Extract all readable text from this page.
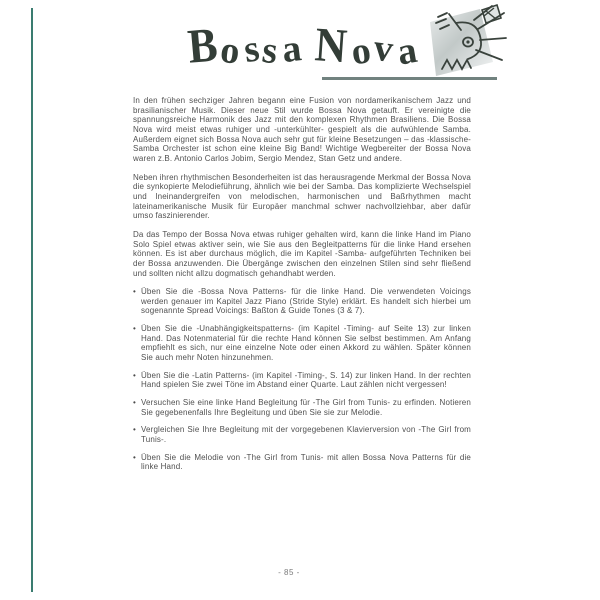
Bossa Nova

In den frühen sechziger Jahren begann eine Fusion von nordamerikanischem Jazz und brasilianischer Musik. Dieser neue Stil wurde Bossa Nova getauft. Er vereinigte die spannungsreiche Harmonik des Jazz mit den komplexen Rhythmen Brasiliens. Die Bossa Nova wird meist etwas ruhiger und -unterkühlter- gespielt als die aufwühlende Samba. Außerdem eignet sich Bossa Nova auch sehr gut für kleine Besetzungen – das -klassische- Samba Orchester ist schon eine kleine Big Band! Wichtige Wegbereiter der Bossa Nova waren z.B. Antonio Carlos Jobim, Sergio Mendez, Stan Getz und andere.

Neben ihren rhythmischen Besonderheiten ist das herausragende Merkmal der Bossa Nova die synkopierte Melodieführung, ähnlich wie bei der Samba. Das komplizierte Wechselspiel und Ineinandergreifen von melodischen, harmonischen und Baßrhythmen macht lateinamerikanische Musik für Europäer manchmal schwer nachvollziehbar, aber dafür umso faszinierender.

Da das Tempo der Bossa Nova etwas ruhiger gehalten wird, kann die linke Hand im Piano Solo Spiel etwas aktiver sein, wie Sie aus den Begleitpatterns für die linke Hand ersehen können. Es ist aber durchaus möglich, die im Kapitel -Samba- aufgeführten Techniken bei der Bossa anzuwenden. Die Übergänge zwischen den einzelnen Stilen sind sehr fließend und sollten nicht allzu dogmatisch gehandhabt werden.

• Üben Sie die -Bossa Nova Patterns- für die linke Hand. Die verwendeten Voicings werden genauer im Kapitel Jazz Piano (Stride Style) erklärt. Es handelt sich hierbei um sogenannte Spread Voicings: Baßton & Guide Tones (3 & 7).
• Üben Sie die -Unabhängigkeitspatterns- (im Kapitel -Timing- auf Seite 13) zur linken Hand. Das Notenmaterial für die rechte Hand können Sie selbst bestimmen. Am Anfang empfiehlt es sich, nur eine einzelne Note oder einen Akkord zu wählen. Später können Sie auch mehr Noten hinzunehmen.
• Üben Sie die -Latin Patterns- (im Kapitel -Timing-, S. 14) zur linken Hand. In der rechten Hand spielen Sie zwei Töne im Abstand einer Quarte. Laut zählen nicht vergessen!
• Versuchen Sie eine linke Hand Begleitung für -The Girl from Tunis- zu erfinden. Notieren Sie gegebenenfalls Ihre Begleitung und üben Sie sie zur Melodie.
• Vergleichen Sie Ihre Begleitung mit der vorgegebenen Klavierversion von -The Girl from Tunis-.
• Üben Sie die Melodie von -The Girl from Tunis- mit allen Bossa Nova Patterns für die linke Hand.
- 85 -
